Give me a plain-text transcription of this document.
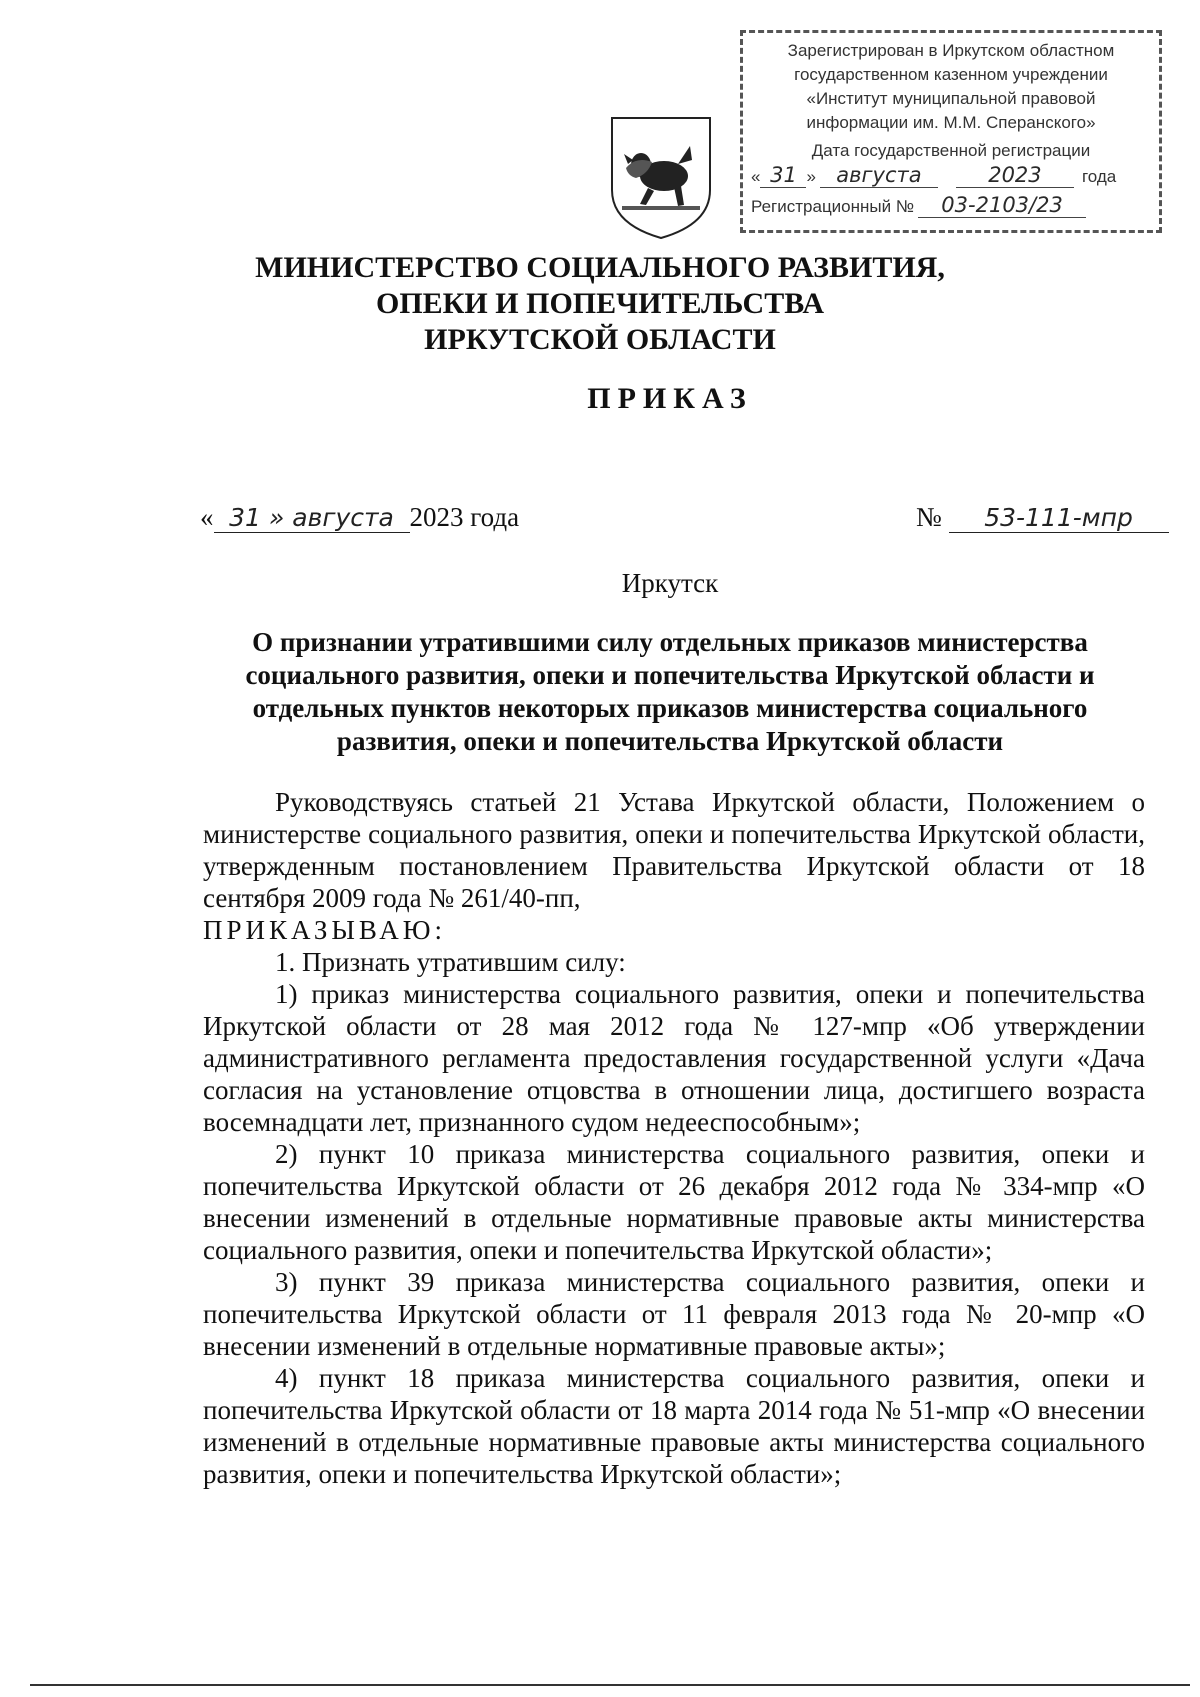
Зарегистрирован в Иркутском областном
государственном казенном учреждении
«Институт муниципальной правовой
информации им. М.М. Сперанского»
Дата государственной регистрации
« 31 » августа	2023	года
Регистрационный №	03-2103/23
МИНИСТЕРСТВО СОЦИАЛЬНОГО РАЗВИТИЯ,
ОПЕКИ И ПОПЕЧИТЕЛЬСТВА
ИРКУТСКОЙ ОБЛАСТИ
ПРИКАЗ
« 31 » августа 2023 года	№ 53-111-мпр
Иркутск
О признании утратившими силу отдельных приказов министерства
социального развития, опеки и попечительства Иркутской области и
отдельных пунктов некоторых приказов министерства социального
развития, опеки и попечительства Иркутской области

Руководствуясь статьей 21 Устава Иркутской области, Положением о министерстве социального развития, опеки и попечительства Иркутской области, утвержденным постановлением Правительства Иркутской области от 18 сентября 2009 года № 261/40-пп,

ПРИКАЗЫВАЮ:

1. Признать утратившим силу:

1) приказ министерства социального развития, опеки и попечительства Иркутской области от 28 мая 2012 года № 127-мпр «Об утверждении административного регламента предоставления государственной услуги «Дача согласия на установление отцовства в отношении лица, достигшего возраста восемнадцати лет, признанного судом недееспособным»;

2) пункт 10 приказа министерства социального развития, опеки и попечительства Иркутской области от 26 декабря 2012 года № 334-мпр «О внесении изменений в отдельные нормативные правовые акты министерства социального развития, опеки и попечительства Иркутской области»;

3) пункт 39 приказа министерства социального развития, опеки и попечительства Иркутской области от 11 февраля 2013 года № 20-мпр «О внесении изменений в отдельные нормативные правовые акты»;

4) пункт 18 приказа министерства социального развития, опеки и попечительства Иркутской области от 18 марта 2014 года № 51-мпр «О внесении изменений в отдельные нормативные правовые акты министерства социального развития, опеки и попечительства Иркутской области»;
